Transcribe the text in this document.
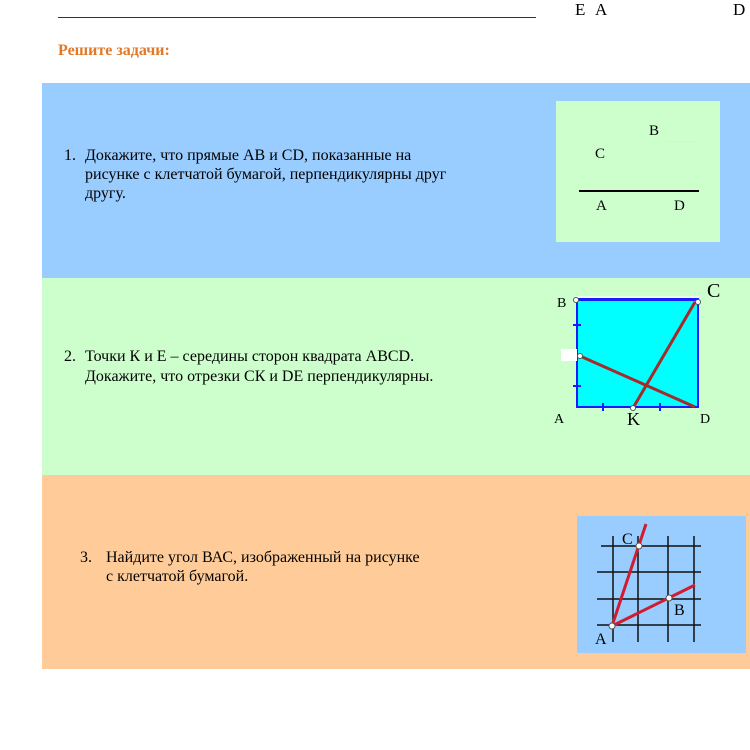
E A	D
Решите задачи:
1. Докажите, что прямые АВ и CD, показанные на
рисунке с клетчатой бумагой, перпендикулярны друг
другу.
B
C
A	D
2. Точки К и Е – середины сторон квадрата ABCD.
Докажите, что отрезки СК и DE перпендикулярны.
B
C
A	D
K
3. Найдите угол ВАС, изображенный на рисунке
с клетчатой бумагой.
C
B
A
